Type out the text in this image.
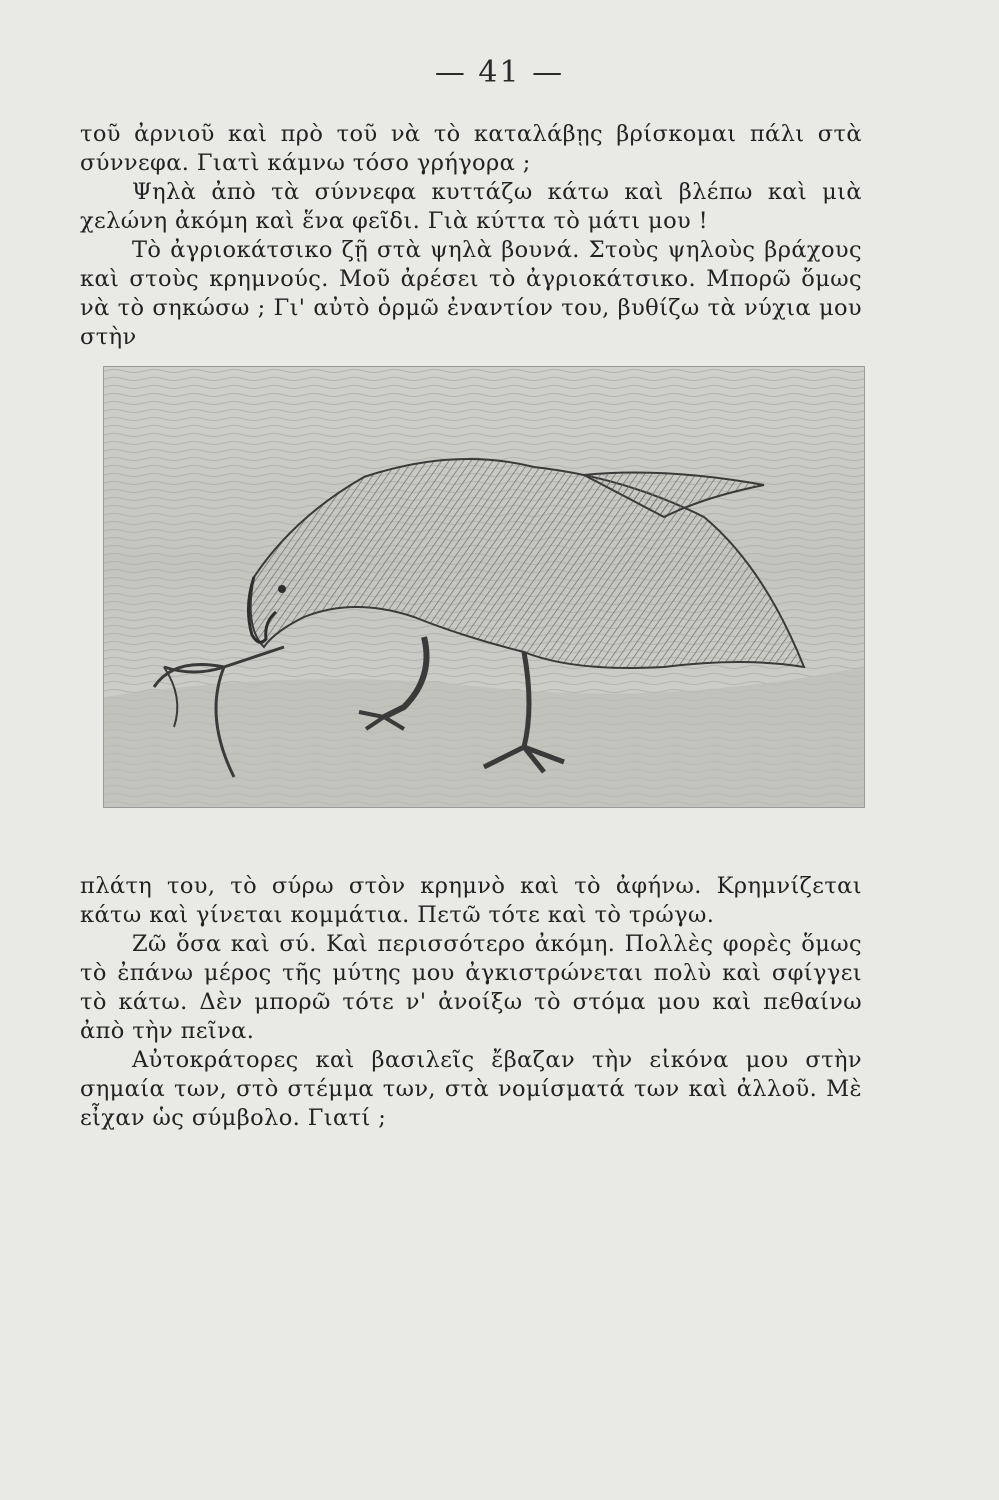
— 41 —

τοῦ ἀρνιοῦ καὶ πρὸ τοῦ νὰ τὸ καταλάβῃς βρίσκομαι πάλι στὰ σύννεφα. Γιατὶ κάμνω τόσο γρήγορα ;

Ψηλὰ ἀπὸ τὰ σύννεφα κυττάζω κάτω καὶ βλέπω καὶ μιὰ χελώνη ἀκόμη καὶ ἕνα φεῖδι. Γιὰ κύττα τὸ μάτι μου !

Τὸ ἀγριοκάτσικο ζῇ στὰ ψηλὰ βουνά. Στοὺς ψηλοὺς βράχους καὶ στοὺς κρημνούς. Μοῦ ἀρέσει τὸ ἀγριοκάτσικο. Μπορῶ ὅμως νὰ τὸ σηκώσω ; Γι' αὐτὸ ὁρμῶ ἐναντίον του, βυθίζω τὰ νύχια μου στὴν

πλάτη του, τὸ σύρω στὸν κρημνὸ καὶ τὸ ἀφήνω. Κρημνίζεται κάτω καὶ γίνεται κομμάτια. Πετῶ τότε καὶ τὸ τρώγω.

Ζῶ ὅσα καὶ σύ. Καὶ περισσότερο ἀκόμη. Πολλὲς φορὲς ὅμως τὸ ἐπάνω μέρος τῆς μύτης μου ἀγκιστρώνεται πολὺ καὶ σφίγγει τὸ κάτω. Δὲν μπορῶ τότε ν' ἀνοίξω τὸ στόμα μου καὶ πεθαίνω ἀπὸ τὴν πεῖνα.

Αὐτοκράτορες καὶ βασιλεῖς ἔβαζαν τὴν εἰκόνα μου στὴν σημαία των, στὸ στέμμα των, στὰ νομίσματά των καὶ ἀλλοῦ. Μὲ εἶχαν ὡς σύμβολο. Γιατί ;
